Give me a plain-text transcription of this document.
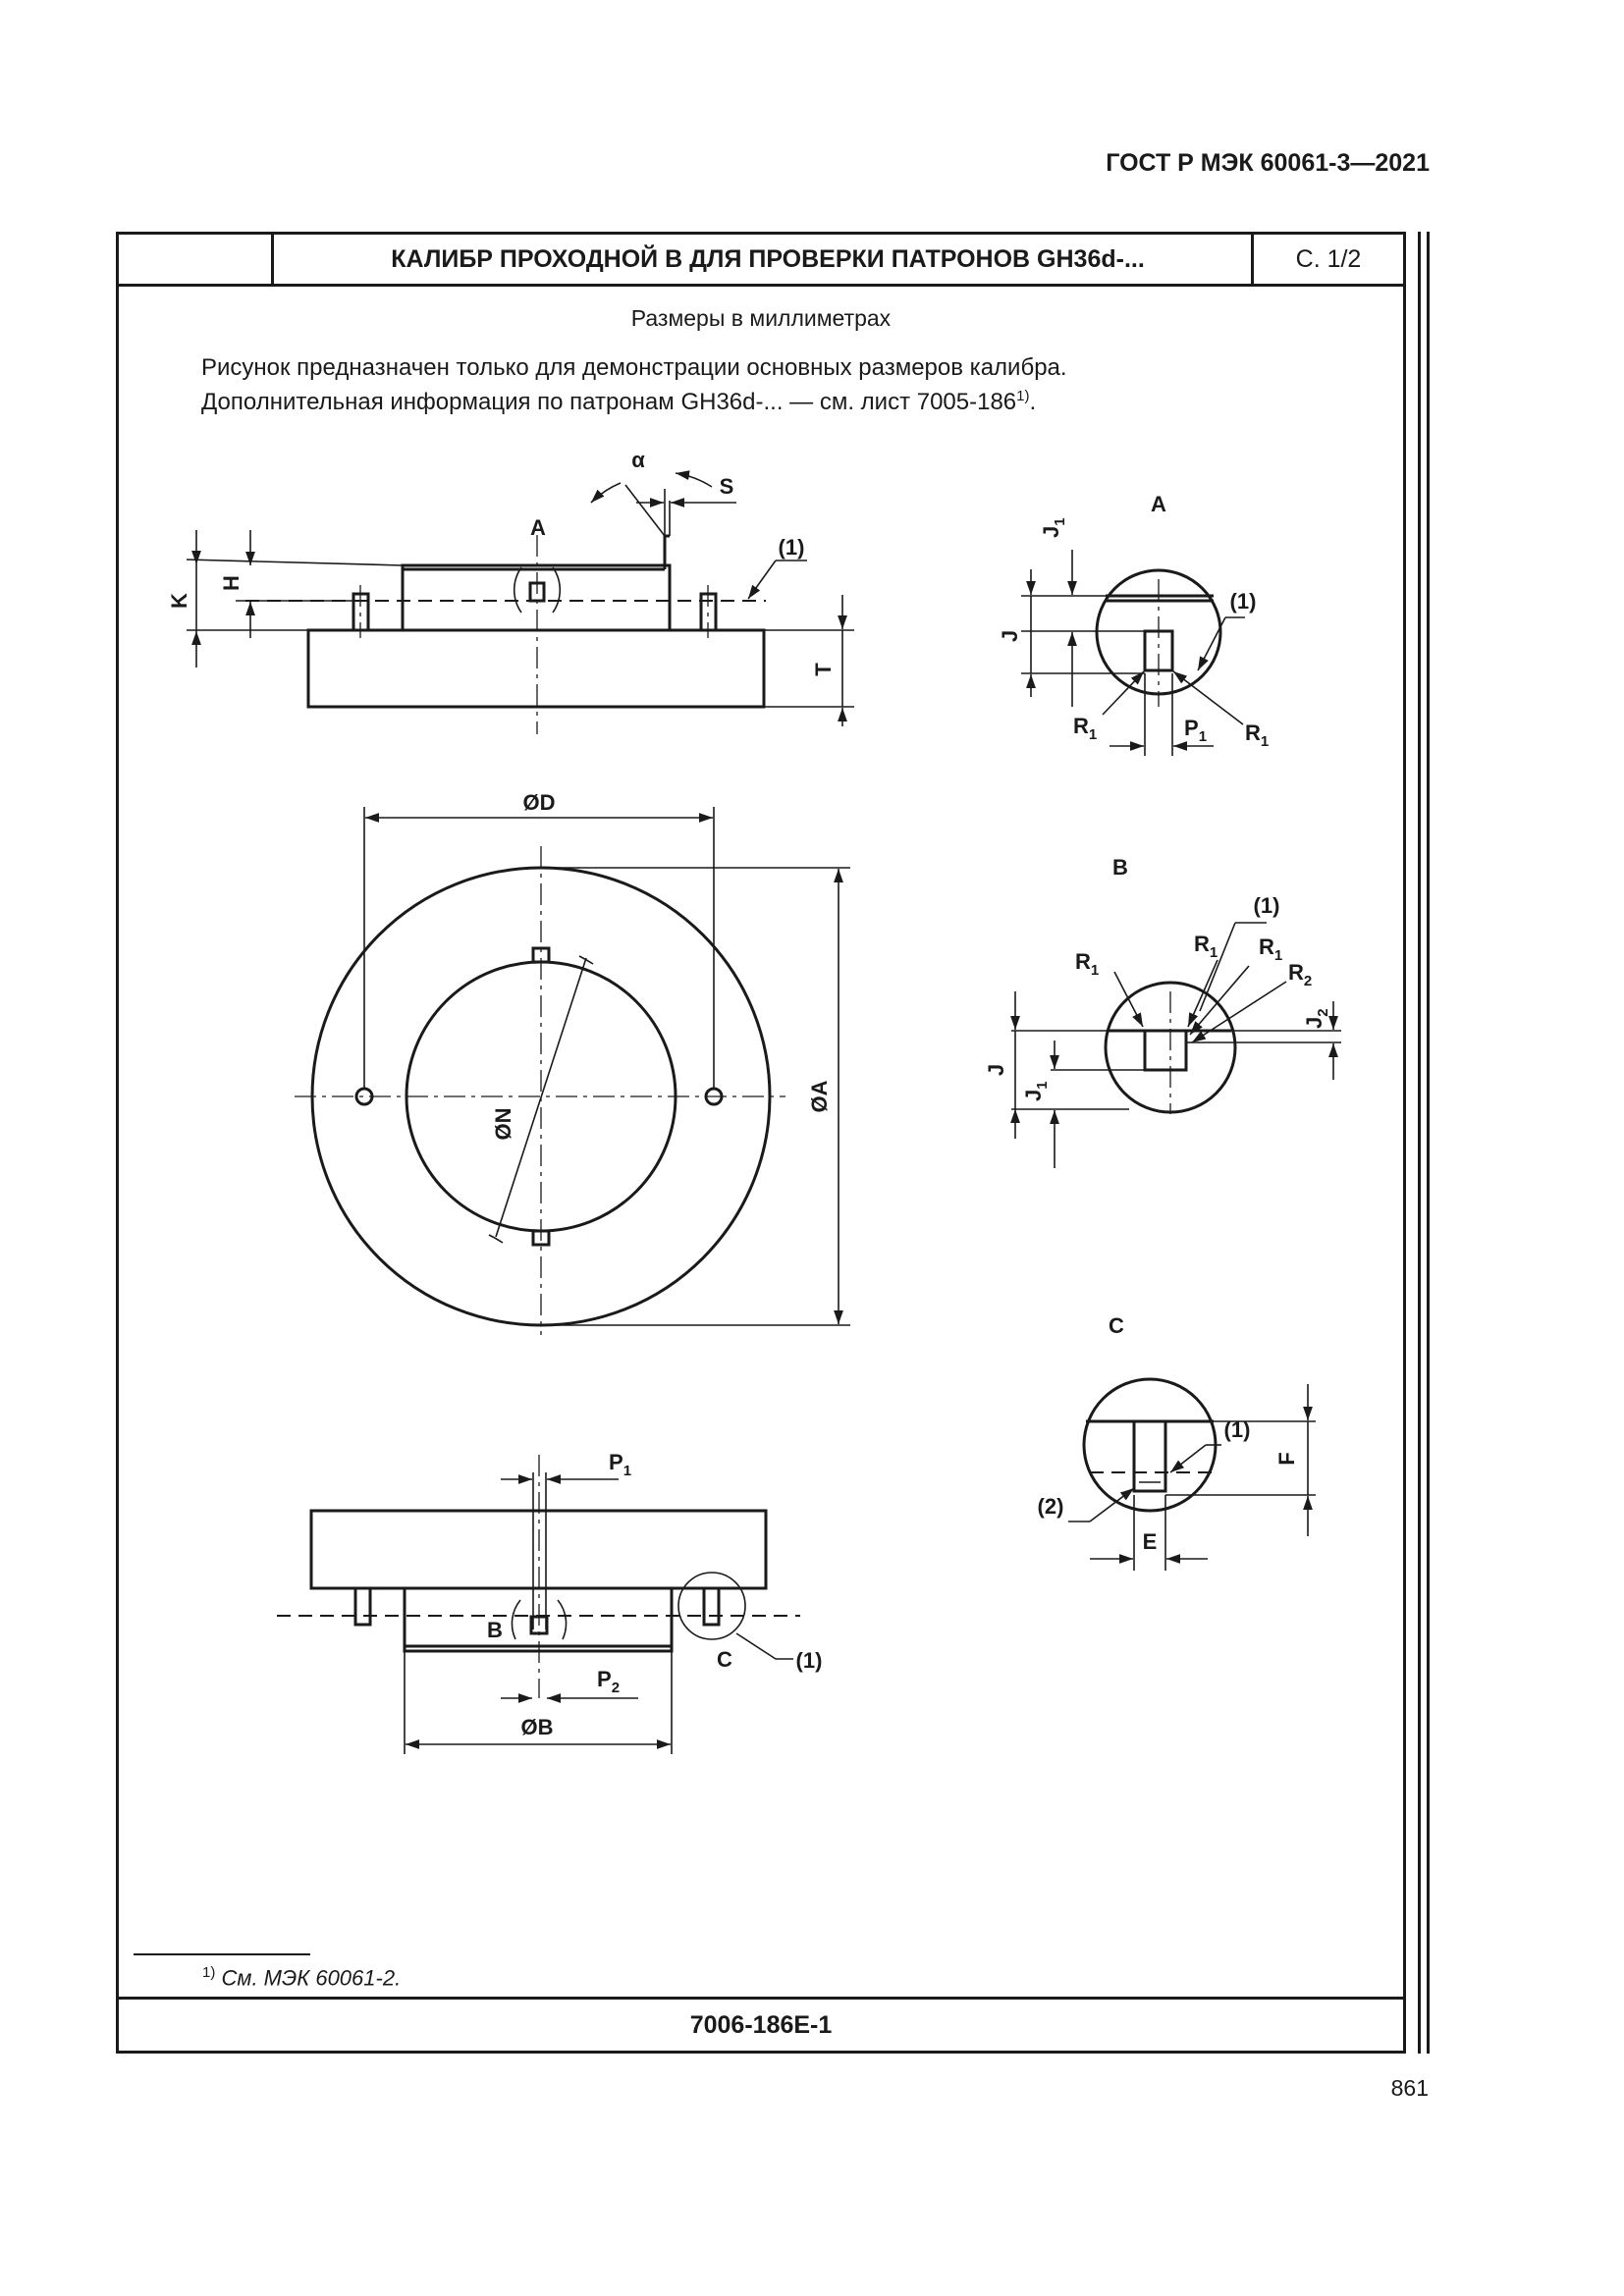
ГОСТ Р МЭК 60061-3—2021
КАЛИБР ПРОХОДНОЙ В ДЛЯ ПРОВЕРКИ ПАТРОНОВ GH36d-...	С. 1/2
Размеры в миллиметрах
Рисунок предназначен только для демонстрации основных размеров калибра.
Дополнительная информация по патронам GH36d-... — см. лист 7005-186$^{1)}$.
$^{1)}$ См. МЭК 60061-2.
7006-186E-1
861
A
K
H
T
α
S
(1)
ØN
ØD
ØA
B
C	(1)
$P_1$
$P_2$
ØB
A
$J_1$
J
(1)
$R_1$	$R_1$
$P_1$
B
$R_1$
$R_1$ $R_1$
$R_2$
(1)
J
$J_1$
$J_2$
C
(1)
(2)
F
E
